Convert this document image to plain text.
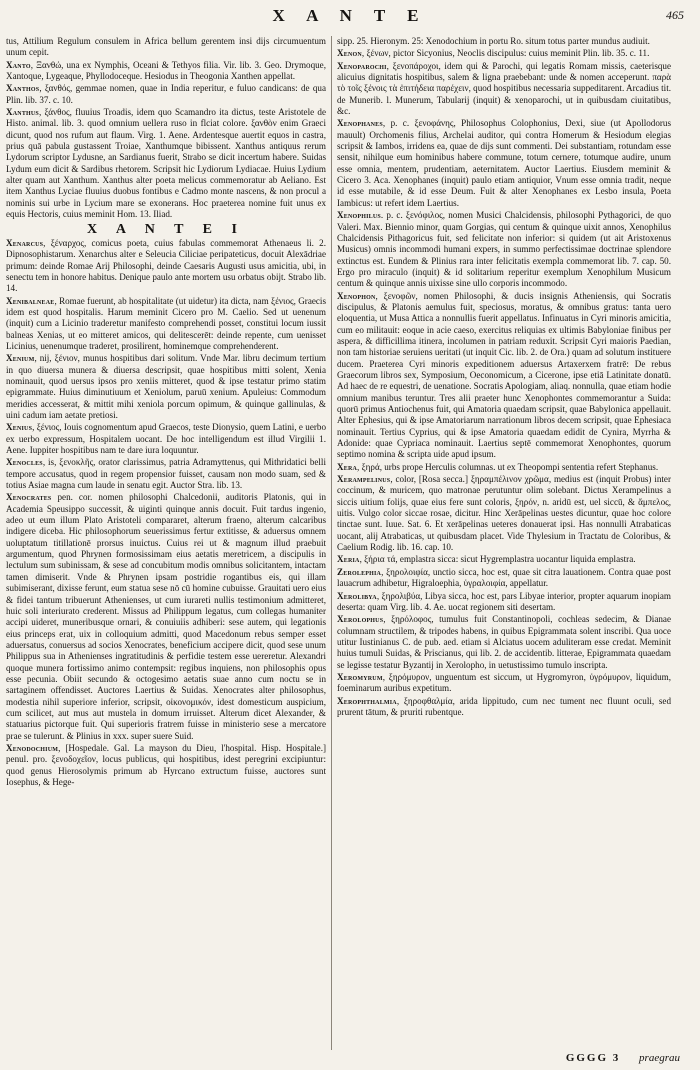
X A N T E	465
tus, Attilium Regulum consulem in Africa bellum gerentem insi dijs circumuentum unum cepit.
Xanto, Ξανθώ, una ex Nymphis, Oceani & Tethyos filia. Vir. lib. 3. Geo. Drymoque, Xantoque, Lygeaque, Phyllodoceque. Hesiodus in Theogonia Xanthen appellat.
Xanthos, ξανθός, gemmae nomen, quae in India reperitur, e fuluo candicans: de qua Plin. lib. 37. c. 10.
Xanthus, ξάνθος, fluuius Troadis, idem quo Scamandro ita dictus, teste Aristotele de Histo. animal. lib. 3. quod omnium uellera ruso in flciat colore. ξανθὸν enim Graeci dicunt, quod nos rufum aut flaum. Virg. 1. Aene. Ardentesque auertit equos in castra, prius quā pabula gustassent Troiae, Xanthumque bibissent. Xanthus antiquus rerum Lydorum scriptor Lydusne, an Sardianus fuerit, Strabo se dicit incertum habere. Suidas Lydum eum dicit & Sardibus rhetorem. Scripsit hic Lydiorum Lydiacae. Huius Lydium alter quam aut Xanthum. Xanthus alter poeta melicus commemoratur ab Aeliano. Est item Xanthus Lyciae fluuius duobus fontibus e Cadmo monte nascens, & non procul a nominis sui urbe in Lycium mare se exonerans. Hoc praeterea nomine fuit unus ex equis Hectoris, cuius meminit Hom. 13. Iliad.
X A N T E I
Xenarcus, ξέναρχος, comicus poeta, cuius fabulas commemorat Athenaeus li. 2. Dipnosophistarum. Xenarchus alter e Seleucia Ciliciae peripateticus, docuit Alexādriae primum: deinde Romae Arij Philosophi, deinde Caesaris Augusti usus amicitia, ubi, in senectu tem in honore habitus. Denique paulo ante mortem usu orbatus obijt. Strabo lib. 14.
Xenibalneae, Romae fuerunt, ab hospitalitate (ut uidetur) ita dicta, nam ξένιος, Graecis idem est quod hospitalis. Harum meminit Cicero pro M. Caelio. Sed ut uenenum (inquit) cum a Licinio traderetur manifesto comprehendi posset, constitui locum iussit balneas Xenias, ut eo mitteret amicos, qui delitescerēt: deinde repente, cum uenisset Licinius, uenenumque traderet, prosilirent, hominemque comprehenderent.
Xenium, nij, ξένιον, munus hospitibus dari solitum. Vnde Mar. libru decimum tertium in quo diuersa munera & diuersa descripsit, quae hospitibus mitti solent, Xenia nominauit, quod uersus ipsos pro xeniis mitteret, quod & ipse testatur primo statim epigrammate. Huius diminutiuum et Xeniolum, paruū xenium. Apuleius: Commodum meridies accesserat, & mittit mihi xeniola porcum opimum, & quinque gallinulas, & uini cadum iam aetate pretiosi.
Xenius, ξένιος, Iouis cognomentum apud Graecos, teste Dionysio, quem Latini, e uerbo ex uerbo expressum, Hospitalem uocant. De hoc intelligendum est illud Virgilii 1. Aene. Iuppiter hospitibus nam te dare iura loquuntur.
Xenocles, is, ξενοκλῆς, orator clarissimus, patria Adramyttenus, qui Mithridatici belli tempore accusatus, quod in regem propensior fuisset, causam non modo suam, sed & totius Asiae magna cum laude in senatu egit. Auctor Stra. lib. 13.
Xenocrates pen. cor. nomen philosophi Chalcedonii, auditoris Platonis, qui in Academia Speusippo successit, & uiginti quinque annis docuit. Fuit tardus ingenio, adeo ut eum illum Plato Aristoteli compararet, alterum fraeno, alterum calcaribus indigere diceba. Hic philosophorum seuerissimus fertur extitisse, & aduersus omnem uoluptatum titillationē prorsus inuictus. Cuius rei ut & magnum illud praebuit argumentum, quod Phrynen formosissimam eius aetatis meretricem, a discipulis in lectulum sum subinissam, & sese ad concubitum modis omnibus solicitantem, intactam tamen dimiserit. Vnde & Phrynen ipsam postridie rogantibus eis, qui illam subimiserant, dixisse ferunt, eum statua sese nō cū homine cubuisse. Grauitati uero eius & fidei tantum tribuerunt Athenienses, ut cum iurareti nullis testimonium admitteret, huic soli interiurato crederent. Missus ad Philippum legatus, cum collegas humaniter accipi uideret, muneribusque ornari, & conuiuiis adhiberi: sese autem, qui legationis eius princeps erat, uix in colloquium admitti, quod Macedonum rebus semper esset aduersatus, conuersus ad socios Xenocrates, beneficium accipere dicit, quod sese unum Philippus sua in Athenienses ingratitudinis & perfidie testem esse uereretur. Alexandri quoque munera fortissimo animo contempsit: regibus inquiens, non philosophis opus esse pecunia. Obiit secundo & octogesimo aetatis suae anno cum noctu se in sartaginem offendisset. Auctores Laertius & Suidas. Xenocrates alter philosophus, modestia nihil superiore inferior, scripsit, οἰκονομικόν, idest domesticum auspicium, cum scilicet, aut mus aut mustela in domum irruisset. Alterum dicet Alexander, & statuarius pictorque fuit. Qui superioris fratrem fuisse in ministerio sese a mercatore prae se tulerunt. & Plinius in xxx. super suere Suid.
Xenodochium, [Hospedale. Gal. La mayson du Dieu, l'hospital. Hisp. Hospitale.] penul. pro. ξενοδοχεῖον, locus publicus, qui hospitibus, idest peregrini excipiuntur: quod genus Hierosolymis primum ab Hyrcano extructum fuisse, auctores sunt Iosephus, & Hege-
sipp. 25. Hieronym. 25: Xenodochium in portu Ro. situm totus parter mundus audiuit.
Xenon, ξένων, pictor Sicyonius, Neoclis discipulus: cuius meminit Plin. lib. 35. c. 11.
Xenoparochi, ξενοπάροχοι, idem qui & Parochi, qui legatis Romam missis, caeterisque alicuius dignitatis hospitibus, salem & ligna praebebant: unde & nomen acceperunt. παρὰ τὸ τοῖς ξένοις τὰ ἐπιτήδεια παρέχειν, quod hospitibus necessaria suppeditarent. Arcadius tit. de Munerib. l. Munerum, Tabularij (inquit) & xenoparochi, ut in quibusdam ciuitatibus, &c.
Xenophanes, p. c. ξενοφάνης, Philosophus Colophonius, Dexi, siue (ut Apollodorus mauult) Orchomenis filius, Archelai auditor, qui contra Homerum & Hesiodum elegias scripsit & Iambos, irridens ea, quae de dijs sunt commenti. Dei substantiam, rotundam esse sensit, nihilque eum hominibus habere commune, totum cernere, totumque audire, unum esse omnia, mentem, prudentiam, aeternitatem. Auctor Laertius. Eiusdem meminit & Cicero 3. Aca. Xenophanes (inquit) paulo etiam antiquior, Vnum esse omnia tradit, neque id esse mutabile, & id esse Deum. Fuit & alter Xenophanes ex Lesbo insula, Poeta Iambicus: ut refert idem Laertius.
Xenophilus. p. c. ξενόφιλος, nomen Musici Chalcidensis, philosophi Pythagorici, de quo Valeri. Max. Biennio minor, quam Gorgias, qui centum & quinque uixit annos, Xenophilus Chalcidensis Pithagoricus fuit, sed felicitate non inferior: si quidem (ut ait Aristoxenus Musicus) omnis incommodi humani expers, in summo perfectissimae doctrinae splendore extinctus est. Eundem & Plinius rara inter felicitatis exempla commemorat lib. 7. cap. 50. Ergo pro miraculo (inquit) & id solitarium reperitur exemplum Xenophilum Musicum centum & quinque annis uixisse sine ullo corporis incommodo.
Xenophon, ξενοφῶν, nomen Philosophi, & ducis insignis Atheniensis, qui Socratis discipulus, & Platonis aemulus fuit, speciosus, moratus, & omnibus gratus: tanta uero eloquentia, ut Musa Attica a nonnullis fuerit appellatus. Infinuatus in Cyri minoris amicitia, cum eo militauit: eoque in acie caeso, exercitus reliquias ex ultimis Babyloniae finibus per aspera, & difficillima itinera, incolumen in patriam reduxit. Scripsit Cyri maioris Paedian, non tam historiae seruiens ueritati (ut inquit Cic. lib. 2. de Ora.) quam ad solutum instituere ducem. Praeterea Cyri minoris expeditionem aduersus Artaxerxem fratrē: De rebus Graecorum libros sex, Symposium, Oeconomicum, a Cicerone, ipse etiā Latinitate donatū. Ad haec de re equestri, de uenatione. Socratis Apologiam, aliaq. nonnulla, quae etiam hodie omnium manibus teruntur. Tres alii praeter hunc Xenophontes commemorantur a Suida: quorū primus Antiochenus fuit, qui Amatoria quaedam scripsit, quae Babylonica appellauit. Alter Ephesius, qui & ipse Amatoriarum narrationum libros decem scripsit, quae Ephesiaca nominauit. Tertius Cyprius, qui & ipse Amatoria quaedam edidit de Cynira, Myrrha & Adonide: quae Cypriaca nominauit. Laertius septē commemorat Xenophontes, quorum septimo nomina & scripta uide apud ipsum.
Xera, ξηρά, urbs prope Herculis columnas. ut ex Theopompi sententia refert Stephanus.
Xerampelinus, color, [Rosa secca.] ξηραμπέλινον χρῶμα, medius est (inquit Probus) inter coccinum, & muricem, quo matronae perutuntur olim solebant. Dictus Xerampelinus a siccis uitium folijs, quae eius fere sunt coloris, ξηρόν, n. aridū est, uel siccū, & ἄμπελος, uitis. Vulgo color siccae rosae, dicitur. Hinc Xerāpelinas uestes dicuntur, quae hoc colore tinctae sunt. Iuue. Sat. 6. Et xerāpelinas ueteres donauerat ipsi. Has nonnulli Atrabaticas uocant, alij Atrabaticas, ut quibusdam placet. Vide Thylesium in Tractatu de Coloribus, & Caelium Rodig. lib. 16. cap. 10.
Xeria, ξήρια τά, emplastra sicca: sicut Hygremplastra uocantur liquida emplastra.
Zerolephia, ξηρολοιφία, unctio sicca, hoc est, quae sit citra lauationem. Contra quae post lauacrum adhibetur, Higraloephia, ὑγραλοιφία, appellatur.
Xerolibya, ξηρολιβύα, Libya sicca, hoc est, pars Libyae interior, propter aquarum inopiam deserta: quam Virg. lib. 4. Ae. uocat regionem siti desertam.
Xerolophus, ξηρόλοφος, tumulus fuit Constantinopoli, cochleas sedecim, & Dianae columnam structilem, & tripodes habens, in quibus Epigrammata solent inscribi. Qua uoce utitur Iustinianus C. de pub. aed. etiam si Alciatus uocem aduliteram esse credat. Meminit huius tumuli Suidas, & Priscianus, qui lib. 2. de accidentib. litterae, Epigrammata quaedam se legisse testatur Byzantij in Xerolopho, in uetustissimo tumulo inscripta.
Xeromyrum, ξηρόμυρον, unguentum est siccum, ut Hygromyron, ὑγρόμυρον, liquidum, foeminarum auribus expetitum.
Xerophthalmia, ξηροφθαλμία, arida lippitudo, cum nec tument nec fluunt oculi, sed prurent tātum, & pruriti rubentque.
GGGG 3 praegrau
